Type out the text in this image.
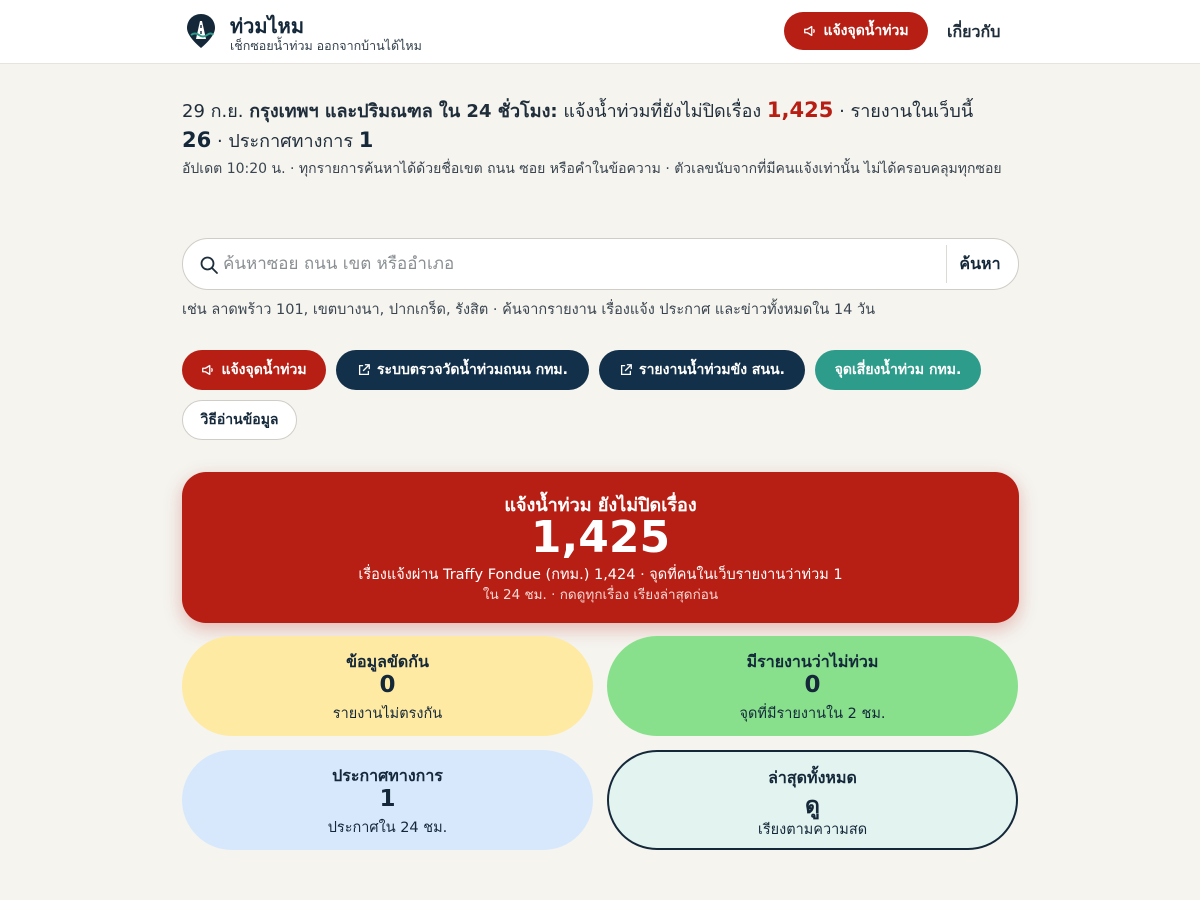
ท่วมไหม
เช็กซอยน้ำท่วม ออกจากบ้านได้ไหม
แจ้งจุดน้ำท่วม เกี่ยวกับ
29 ก.ย. กรุงเทพฯ และปริมณฑล ใน 24 ชั่วโมง: แจ้งน้ำท่วมที่ยังไม่ปิดเรื่อง 1,425 · รายงานในเว็บนี้ 26 · ประกาศทางการ 1
อัปเดต 10:20 น. · ทุกรายการค้นหาได้ด้วยชื่อเขต ถนน ซอย หรือคำในข้อความ · ตัวเลขนับจากที่มีคนแจ้งเท่านั้น ไม่ได้ครอบคลุมทุกซอย
ค้นหาซอย ถนน เขต หรืออำเภอ
ค้นหา
เช่น ลาดพร้าว 101, เขตบางนา, ปากเกร็ด, รังสิต · ค้นจากรายงาน เรื่องแจ้ง ประกาศ และข่าวทั้งหมดใน 14 วัน
แจ้งจุดน้ำท่วม	ระบบตรวจวัดน้ำท่วมถนน กทม.	รายงานน้ำท่วมขัง สนน.	จุดเสี่ยงน้ำท่วม กทม.
วิธีอ่านข้อมูล
แจ้งน้ำท่วม ยังไม่ปิดเรื่อง
1,425
เรื่องแจ้งผ่าน Traffy Fondue (กทม.) 1,424 · จุดที่คนในเว็บรายงานว่าท่วม 1
ใน 24 ชม. · กดดูทุกเรื่อง เรียงล่าสุดก่อน
ข้อมูลขัดกัน
0
รายงานไม่ตรงกัน
มีรายงานว่าไม่ท่วม
0
จุดที่มีรายงานใน 2 ชม.
ประกาศทางการ
1
ประกาศใน 24 ชม.
ล่าสุดทั้งหมด
ดู
เรียงตามความสด
